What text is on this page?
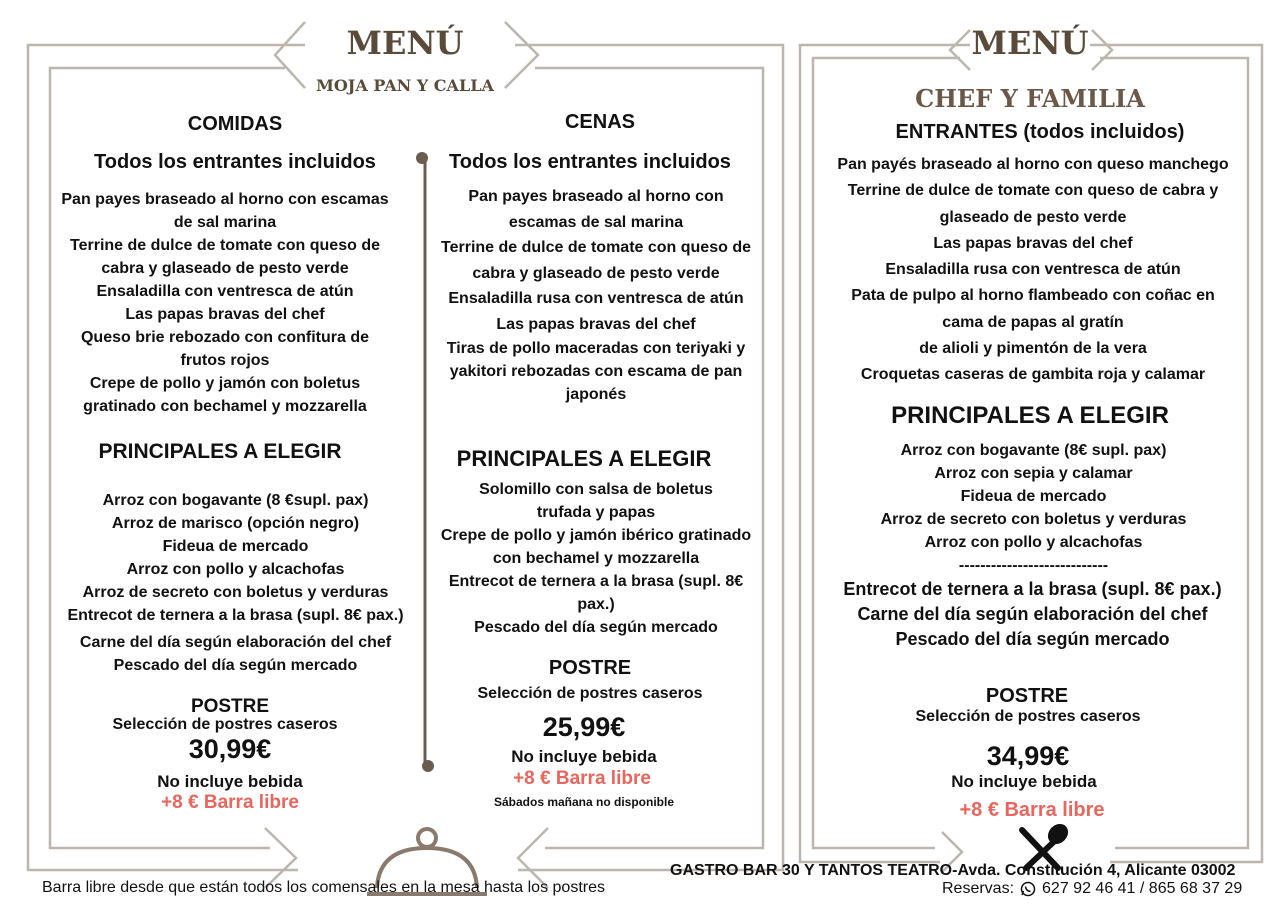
MENÚ
MOJA PAN Y CALLA
COMIDAS
Todos los entrantes incluidos
Pan payes braseado al horno con escamas
de sal marina
Terrine de dulce de tomate con queso de
cabra y glaseado de pesto verde
Ensaladilla con ventresca de atún
Las papas bravas del chef
Queso brie rebozado con confitura de
frutos rojos
Crepe de pollo y jamón con boletus
gratinado con bechamel y mozzarella
PRINCIPALES A ELEGIR
Arroz con bogavante (8 €supl. pax)
Arroz de marisco (opción negro)
Fideua de mercado
Arroz con pollo y alcachofas
Arroz de secreto con boletus y verduras
Entrecot de ternera a la brasa (supl. 8€ pax.)
Carne del día según elaboración del chef
Pescado del día según mercado
POSTRE
Selección de postres caseros
30,99€
No incluye bebida
+8 € Barra libre
CENAS
Todos los entrantes incluidos
Pan payes braseado al horno con
escamas de sal marina
Terrine de dulce de tomate con queso de
cabra y glaseado de pesto verde
Ensaladilla rusa con ventresca de atún
Las papas bravas del chef
Tiras de pollo maceradas con teriyaki y
yakitori rebozadas con escama de pan
japonés
PRINCIPALES A ELEGIR
Solomillo con salsa de boletus
trufada y papas
Crepe de pollo y jamón ibérico gratinado
con bechamel y mozzarella
Entrecot de ternera a la brasa (supl. 8€
pax.)
Pescado del día según mercado
POSTRE
Selección de postres caseros
25,99€
No incluye bebida
+8 € Barra libre
Sábados mañana no disponible
Barra libre desde que están todos los comensales en la mesa hasta los postres
MENÚ
CHEF Y FAMILIA
ENTRANTES (todos incluidos)
Pan payés braseado al horno con queso manchego
Terrine de dulce de tomate con queso de cabra y
glaseado de pesto verde
Las papas bravas del chef
Ensaladilla rusa con ventresca de atún
Pata de pulpo al horno flambeado con coñac en
cama de papas al gratín
de alioli y pimentón de la vera
Croquetas caseras de gambita roja y calamar
PRINCIPALES A ELEGIR
Arroz con bogavante (8€ supl. pax)
Arroz con sepia y calamar
Fideua de mercado
Arroz de secreto con boletus y verduras
Arroz con pollo y alcachofas
----------------------------
Entrecot de ternera a la brasa (supl. 8€ pax.)
Carne del día según elaboración del chef
Pescado del día según mercado
POSTRE
Selección de postres caseros
34,99€
No incluye bebida
+8 € Barra libre
GASTRO BAR 30 Y TANTOS TEATRO-Avda. Constitución 4, Alicante 03002
Reservas: 627 92 46 41 / 865 68 37 29
